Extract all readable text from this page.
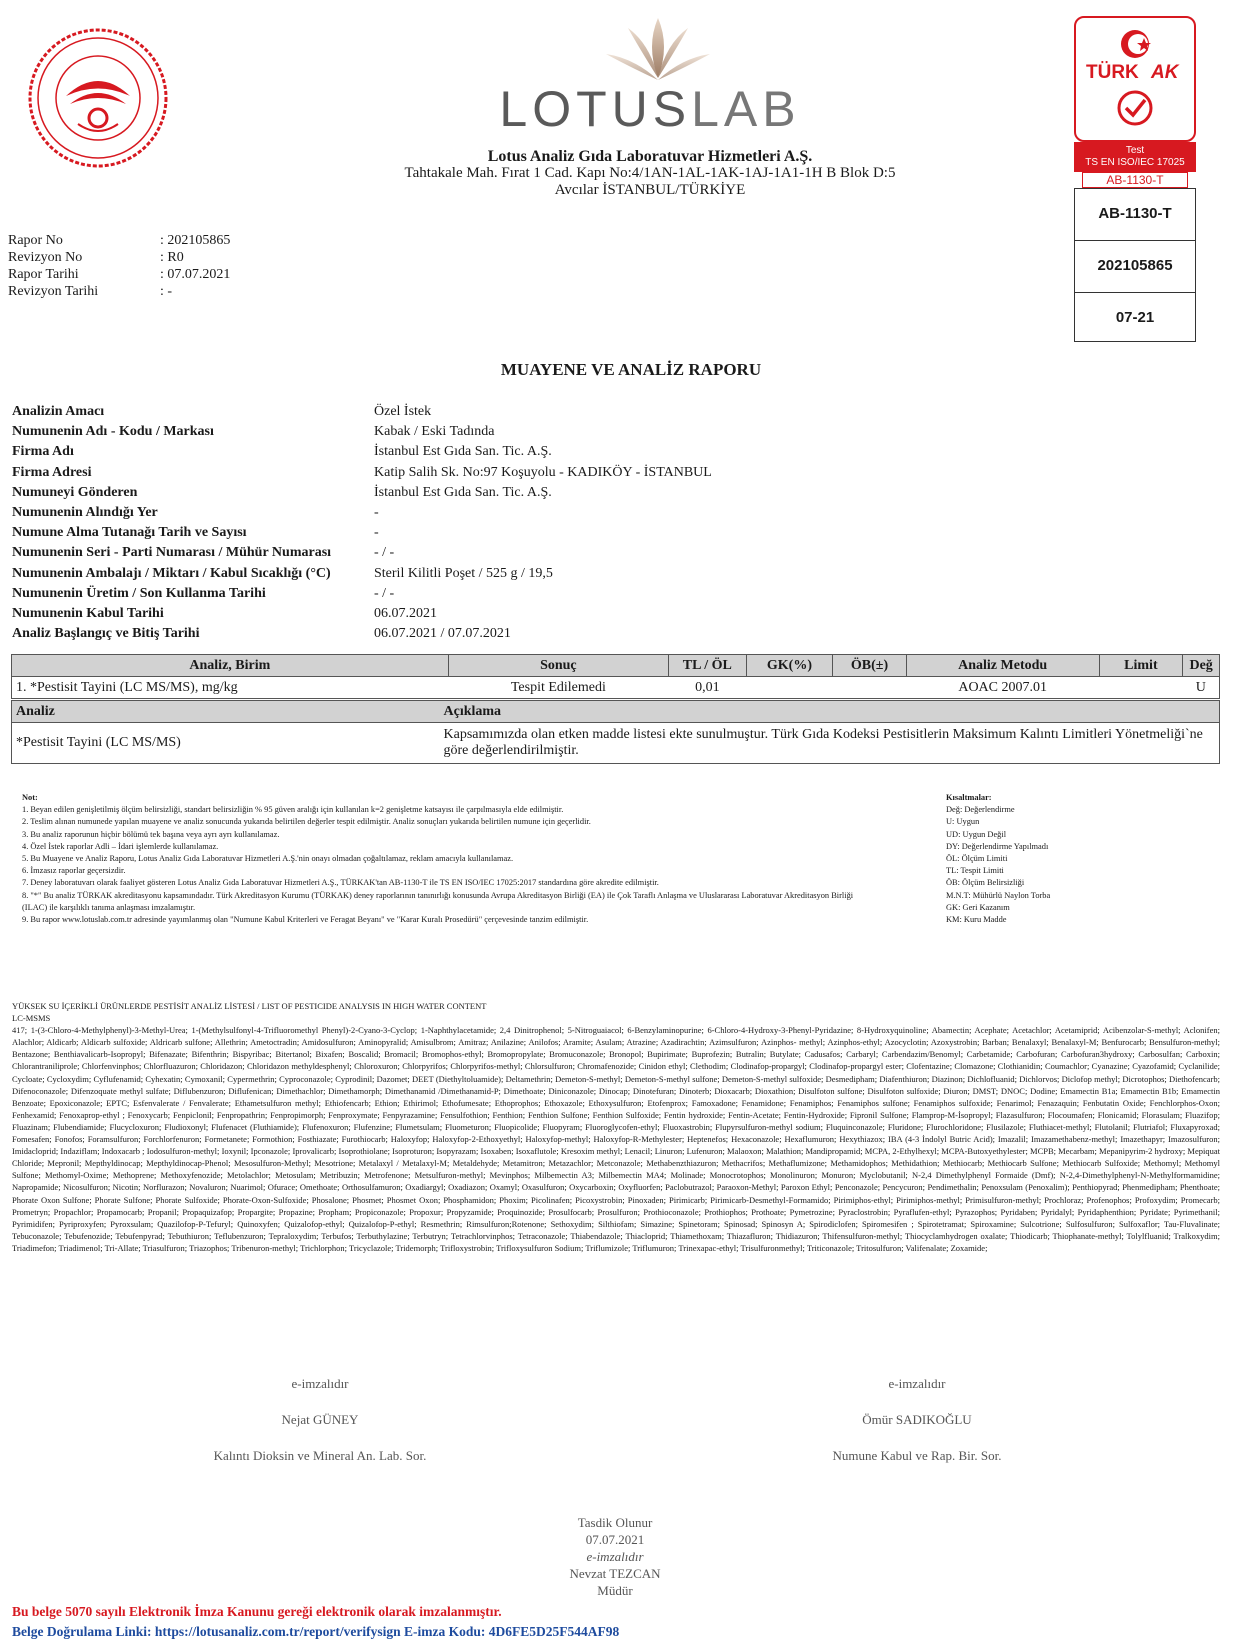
LOTUSLAB
Lotus Analiz Gıda Laboratuvar Hizmetleri A.Ş.
Tahtakale Mah. Fırat 1 Cad. Kapı No:4/1AN-1AL-1AK-1AJ-1A1-1H B Blok D:5
Avcılar İSTANBUL/TÜRKİYE
TÜRK AK
Test
TS EN ISO/IEC 17025
AB-1130-T
AB-1130-T
202105865
07-21
Rapor No	: 202105865
Revizyon No	: R0
Rapor Tarihi	: 07.07.2021
Revizyon Tarihi	: -
MUAYENE VE ANALİZ RAPORU
Analizin Amacı	Özel İstek
Numunenin Adı - Kodu / Markası	Kabak / Eski Tadında
Firma Adı	İstanbul Est Gıda San. Tic. A.Ş.
Firma Adresi	Katip Salih Sk. No:97 Koşuyolu - KADIKÖY - İSTANBUL
Numuneyi Gönderen	İstanbul Est Gıda San. Tic. A.Ş.
Numunenin Alındığı Yer	-
Numune Alma Tutanağı Tarih ve Sayısı	-
Numunenin Seri - Parti Numarası / Mühür Numarası	- / -
Numunenin Ambalajı / Miktarı / Kabul Sıcaklığı (°C)	Steril Kilitli Poşet / 525 g / 19,5
Numunenin Üretim / Son Kullanma Tarihi	- / -
Numunenin Kabul Tarihi	06.07.2021
Analiz Başlangıç ve Bitiş Tarihi	06.07.2021 / 07.07.2021
Analiz, Birim	Sonuç	TL / ÖL	GK(%)	ÖB(±)	Analiz Metodu	Limit	Değ
1. *Pestisit Tayini (LC MS/MS), mg/kg	Tespit Edilemedi	0,01			AOAC 2007.01		U
Analiz	Açıklama
*Pestisit Tayini (LC MS/MS)	Kapsamımızda olan etken madde listesi ekte sunulmuştur. Türk Gıda Kodeksi Pestisitlerin Maksimum Kalıntı Limitleri Yönetmeliği`ne göre değerlendirilmiştir.
Not:
1. Beyan edilen genişletilmiş ölçüm belirsizliği, standart belirsizliğin % 95 güven aralığı için kullanılan k=2 genişletme katsayısı ile çarpılmasıyla elde edilmiştir.
2. Teslim alınan numunede yapılan muayene ve analiz sonucunda yukarıda belirtilen değerler tespit edilmiştir. Analiz sonuçları yukarıda belirtilen numune için geçerlidir.
3. Bu analiz raporunun hiçbir bölümü tek başına veya ayrı ayrı kullanılamaz.
4. Özel İstek raporlar Adli – İdari işlemlerde kullanılamaz.
5. Bu Muayene ve Analiz Raporu, Lotus Analiz Gıda Laboratuvar Hizmetleri A.Ş.'nin onayı olmadan çoğaltılamaz, reklam amacıyla kullanılamaz.
6. İmzasız raporlar geçersizdir.
7. Deney laboratuvarı olarak faaliyet gösteren Lotus Analiz Gıda Laboratuvar Hizmetleri A.Ş., TÜRKAK'tan AB-1130-T ile TS EN ISO/IEC 17025:2017 standardına göre akredite edilmiştir.
8. "*" Bu analiz TÜRKAK akreditasyonu kapsamındadır. Türk Akreditasyon Kurumu (TÜRKAK) deney raporlarının tanınırlığı konusunda Avrupa Akreditasyon Birliği (EA) ile Çok Taraflı Anlaşma ve Uluslararası Laboratuvar Akreditasyon Birliği (ILAC) ile karşılıklı tanıma anlaşması imzalamıştır.
9. Bu rapor www.lotuslab.com.tr adresinde yayımlanmış olan "Numune Kabul Kriterleri ve Feragat Beyanı" ve "Karar Kuralı Prosedürü" çerçevesinde tanzim edilmiştir.
Kısaltmalar:
Değ: Değerlendirme
U: Uygun
UD: Uygun Değil
DY: Değerlendirme Yapılmadı
ÖL: Ölçüm Limiti
TL: Tespit Limiti
ÖB: Ölçüm Belirsizliği
M.N.T: Mühürlü Naylon Torba
GK: Geri Kazanım
KM: Kuru Madde
YÜKSEK SU İÇERİKLİ ÜRÜNLERDE PESTİSİT ANALİZ LİSTESİ / LIST OF PESTICIDE ANALYSIS IN HIGH WATER CONTENT
LC-MSMS
417; 1-(3-Chloro-4-Methylphenyl)-3-Methyl-Urea; 1-(Methylsulfonyl-4-Trifluoromethyl Phenyl)-2-Cyano-3-Cyclop; 1-Naphthylacetamide; 2,4 Dinitrophenol; 5-Nitroguaiacol; 6-Benzylaminopurine; 6-Chloro-4-Hydroxy-3-Phenyl-Pyridazine; 8-Hydroxyquinoline; Abamectin; Acephate; Acetachlor; Acetamiprid; Acibenzolar-S-methyl; Aclonifen; Alachlor; Aldicarb; Aldicarb sulfoxide; Aldricarb sulfone; Allethrin; Ametoctradin; Amidosulfuron; Aminopyralid; Amisulbrom; Amitraz; Anilazine; Anilofos; Aramite; Asulam; Atrazine; Azadirachtin; Azimsulfuron; Azinphos- methyl; Azinphos-ethyl; Azocyclotin; Azoxystrobin; Barban; Benalaxyl; Benalaxyl-M; Benfurocarb; Bensulfuron-methyl; Bentazone; Benthiavalicarb-Isopropyl; Bifenazate; Bifenthrin; Bispyribac; Bitertanol; Bixafen; Boscalid; Bromacil; Bromophos-ethyl; Bromopropylate; Bromuconazole; Bronopol; Bupirimate; Buprofezin; Butralin; Butylate; Cadusafos; Carbaryl; Carbendazim/Benomyl; Carbetamide; Carbofuran; Carbofuran3hydroxy; Carbosulfan; Carboxin; Chlorantraniliprole; Chlorfenvinphos; Chlorfluazuron; Chloridazon; Chloridazon methyldesphenyl; Chloroxuron; Chlorpyrifos; Chlorpyrifos-methyl; Chlorsulfuron; Chromafenozide; Cinidon ethyl; Clethodim; Clodinafop-propargyl; Clodinafop-propargyl ester; Clofentazine; Clomazone; Clothianidin; Coumachlor; Cyanazine; Cyazofamid; Cyclanilide; Cycloate; Cycloxydim; Cyflufenamid; Cyhexatin; Cymoxanil; Cypermethrin; Cyproconazole; Cyprodinil; Dazomet; DEET (Diethyltoluamide); Deltamethrin; Demeton-S-methyl; Demeton-S-methyl sulfone; Demeton-S-methyl sulfoxide; Desmedipham; Diafenthiuron; Diazinon; Dichlofluanid; Dichlorvos; Diclofop methyl; Dicrotophos; Diethofencarb; Difenoconazole; Difenzoquate methyl sulfate; Diflubenzuron; Diflufenican; Dimethachlor; Dimethamorph; Dimethanamid /Dimethanamid-P; Dimethoate; Diniconazole; Dinocap; Dinotefuran; Dinoterb; Dioxacarb; Dioxathion; Disulfoton sulfone; Disulfoton sulfoxide; Diuron; DMST; DNOC; Dodine; Emamectin B1a; Emamectin B1b; Emamectin Benzoate; Epoxiconazole; EPTC; Esfenvalerate / Fenvalerate; Ethametsulfuron methyl; Ethiofencarb; Ethion; Ethirimol; Ethofumesate; Ethoprophos; Ethoxazole; Ethoxysulfuron; Etofenprox; Famoxadone; Fenamidone; Fenamiphos; Fenamiphos sulfone; Fenamiphos sulfoxide; Fenarimol; Fenazaquin; Fenbutatin Oxide; Fenchlorphos-Oxon; Fenhexamid; Fenoxaprop-ethyl ; Fenoxycarb; Fenpiclonil; Fenpropathrin; Fenpropimorph; Fenproxymate; Fenpyrazamine; Fensulfothion; Fenthion; Fenthion Sulfone; Fenthion Sulfoxide; Fentin hydroxide; Fentin-Acetate; Fentin-Hydroxide; Fipronil Sulfone; Flamprop-M-İsopropyl; Flazasulfuron; Flocoumafen; Flonicamid; Florasulam; Fluazifop; Fluazinam; Flubendiamide; Flucycloxuron; Fludioxonyl; Flufenacet (Fluthiamide); Flufenoxuron; Flufenzine; Flumetsulam; Fluometuron; Fluopicolide; Fluopyram; Fluoroglycofen-ethyl; Fluoxastrobin; Flupyrsulfuron-methyl sodium; Fluquinconazole; Fluridone; Flurochloridone; Flusilazole; Fluthiacet-methyl; Flutolanil; Flutriafol; Fluxapyroxad; Fomesafen; Fonofos; Foramsulfuron; Forchlorfenuron; Formetanete; Formothion; Fosthiazate; Furothiocarb; Haloxyfop; Haloxyfop-2-Ethoxyethyl; Haloxyfop-methyl; Haloxyfop-R-Methylester; Heptenefos; Hexaconazole; Hexaflumuron; Hexythiazox; IBA (4-3 İndolyl Butric Acid); Imazalil; Imazamethabenz-methyl; Imazethapyr; Imazosulfuron; Imidacloprid; Indaziflam; Indoxacarb ; Iodosulfuron-methyl; Ioxynil; Ipconazole; Iprovalicarb; Isoprothiolane; Isoproturon; Isopyrazam; Isoxaben; Isoxaflutole; Kresoxim methyl; Lenacil; Linuron; Lufenuron; Malaoxon; Malathion; Mandipropamid; MCPA, 2-Ethylhexyl; MCPA-Butoxyethylester; MCPB; Mecarbam; Mepanipyrim-2 hydroxy; Mepiquat Chloride; Mepronil; Mepthyldinocap; Mepthyldinocap-Phenol; Mesosulfuron-Methyl; Mesotrione; Metalaxyl / Metalaxyl-M; Metaldehyde; Metamitron; Metazachlor; Metconazole; Methabenzthiazuron; Methacrifos; Methaflumizone; Methamidophos; Methidathion; Methiocarb; Methiocarb Sulfone; Methiocarb Sulfoxide; Methomyl; Methomyl Sulfone; Methomyl-Oxime; Methoprene; Methoxyfenozide; Metolachlor; Metosulam; Metribuzin; Metrofenone; Metsulfuron-methyl; Mevinphos; Milbemectin A3; Milbemectin MA4; Molinade; Monocrotophos; Monolinuron; Monuron; Myclobutanil; N-2,4 Dimethylphenyl Formaide (Dmf); N-2,4-Dimethylphenyl-N-Methylformamidine; Napropamide; Nicosulfuron; Nicotin; Norflurazon; Novaluron; Nuarimol; Ofurace; Omethoate; Orthosulfamuron; Oxadiargyl; Oxadiazon; Oxamyl; Oxasulfuron; Oxycarboxin; Oxyfluorfen; Paclobutrazol; Paraoxon-Methyl; Paroxon Ethyl; Penconazole; Pencycuron; Pendimethalin; Penoxsulam (Penoxalim); Penthiopyrad; Phenmedipham; Phenthoate; Phorate Oxon Sulfone; Phorate Sulfone; Phorate Sulfoxide; Phorate-Oxon-Sulfoxide; Phosalone; Phosmet; Phosmet Oxon; Phosphamidon; Phoxim; Picolinafen; Picoxystrobin; Pinoxaden; Pirimicarb; Pirimicarb-Desmethyl-Formamido; Pirimiphos-ethyl; Pirimiphos-methyl; Primisulfuron-methyl; Prochloraz; Profenophos; Profoxydim; Promecarb; Prometryn; Propachlor; Propamocarb; Propanil; Propaquizafop; Propargite; Propazine; Propham; Propiconazole; Propoxur; Propyzamide; Proquinozide; Prosulfocarb; Prosulfuron; Prothioconazole; Prothiophos; Prothoate; Pymetrozine; Pyraclostrobin; Pyraflufen-ethyl; Pyrazophos; Pyridaben; Pyridalyl; Pyridaphenthion; Pyridate; Pyrimethanil; Pyrimidifen; Pyriproxyfen; Pyroxsulam; Quazilofop-P-Tefuryl; Quinoxyfen; Quizalofop-ethyl; Quizalofop-P-ethyl; Resmethrin; Rimsulfuron;Rotenone; Sethoxydim; Silthiofam; Simazine; Spinetoram; Spinosad; Spinosyn A; Spirodiclofen; Spiromesifen ; Spirotetramat; Spiroxamine; Sulcotrione; Sulfosulfuron; Sulfoxaflor; Tau-Fluvalinate; Tebuconazole; Tebufenozide; Tebufenpyrad; Tebuthiuron; Teflubenzuron; Tepraloxydim; Terbufos; Terbuthylazine; Terbutryn; Tetrachlorvinphos; Tetraconazole; Thiabendazole; Thiacloprid; Thiamethoxam; Thiazafluron; Thidiazuron; Thifensulfuron-methyl; Thiocyclamhydrogen oxalate; Thiodicarb; Thiophanate-methyl; Tolylfluanid; Tralkoxydim; Triadimefon; Triadimenol; Tri-Allate; Triasulfuron; Triazophos; Tribenuron-methyl; Trichlorphon; Tricyclazole; Tridemorph; Trifloxystrobin; Trifloxysulfuron Sodium; Triflumizole; Triflumuron; Trinexapac-ethyl; Trisulfuronmethyl; Triticonazole; Tritosulfuron; Valifenalate; Zoxamide;
e-imzalıdır
Nejat GÜNEY
Kalıntı Dioksin ve Mineral An. Lab. Sor.
e-imzalıdır
Ömür SADIKOĞLU
Numune Kabul ve Rap. Bir. Sor.
Tasdik Olunur
07.07.2021
e-imzalıdır
Nevzat TEZCAN
Müdür
Bu belge 5070 sayılı Elektronik İmza Kanunu gereği elektronik olarak imzalanmıştır.
Belge Doğrulama Linki: https://lotusanaliz.com.tr/report/verifysign E-imza Kodu: 4D6FE5D25F544AF98
